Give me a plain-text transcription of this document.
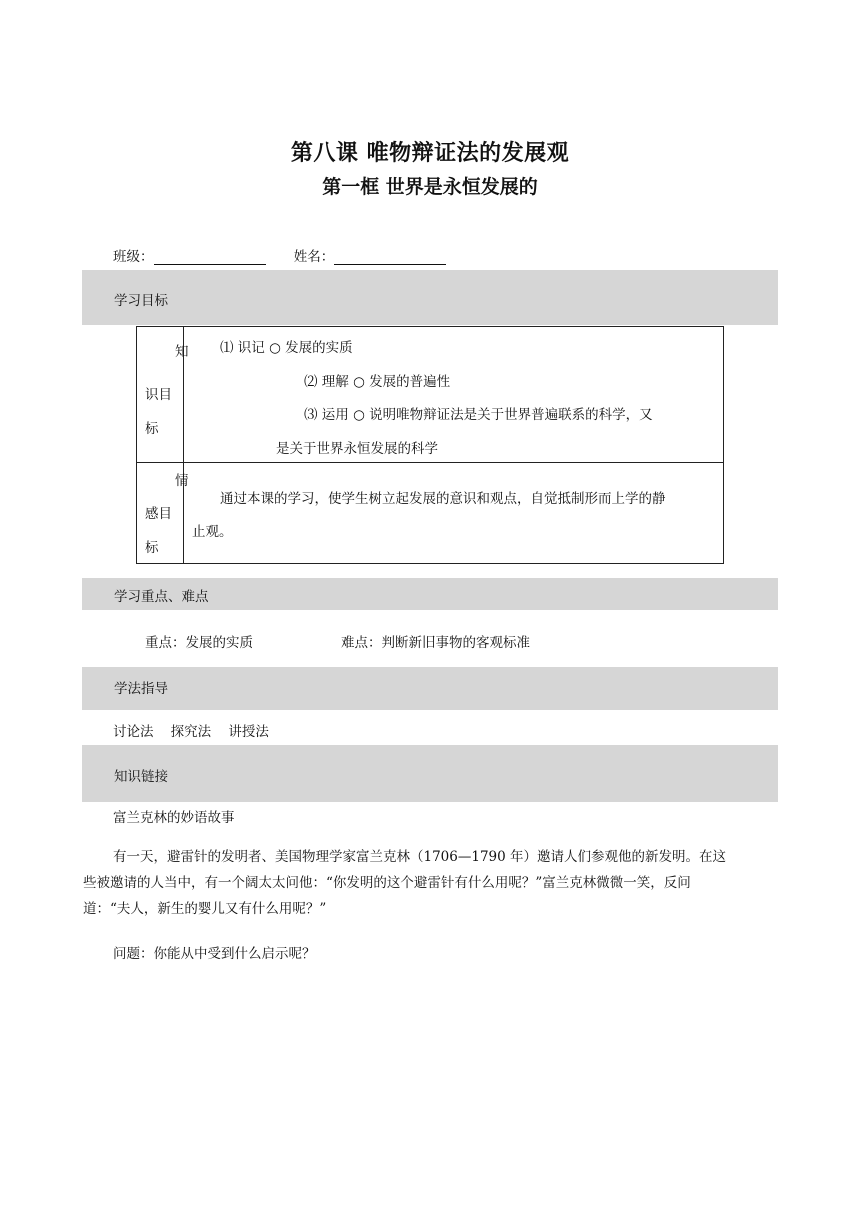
第八课 唯物辩证法的发展观
第一框 世界是永恒发展的
班级：	姓名：
学习目标
知
识目
标	⑴ 识记 ○ 发展的实质
⑵ 理解 ○ 发展的普遍性
⑶ 运用 ○ 说明唯物辩证法是关于世界普遍联系的科学，又
是关于世界永恒发展的科学

情
感目
标	通过本课的学习，使学生树立起发展的意识和观点，自觉抵制形而上学的静
止观。
学习重点、难点
重点：发展的实质	难点：判断新旧事物的客观标准
学法指导
讨论法    探究法    讲授法
知识链接
富兰克林的妙语故事
有一天，避雷针的发明者、美国物理学家富兰克林（1706—1790 年）邀请人们参观他的新发明。在这
些被邀请的人当中，有一个阔太太问他：“你发明的这个避雷针有什么用呢？”富兰克林微微一笑，反问
道：“夫人，新生的婴儿又有什么用呢？”
问题：你能从中受到什么启示呢？
